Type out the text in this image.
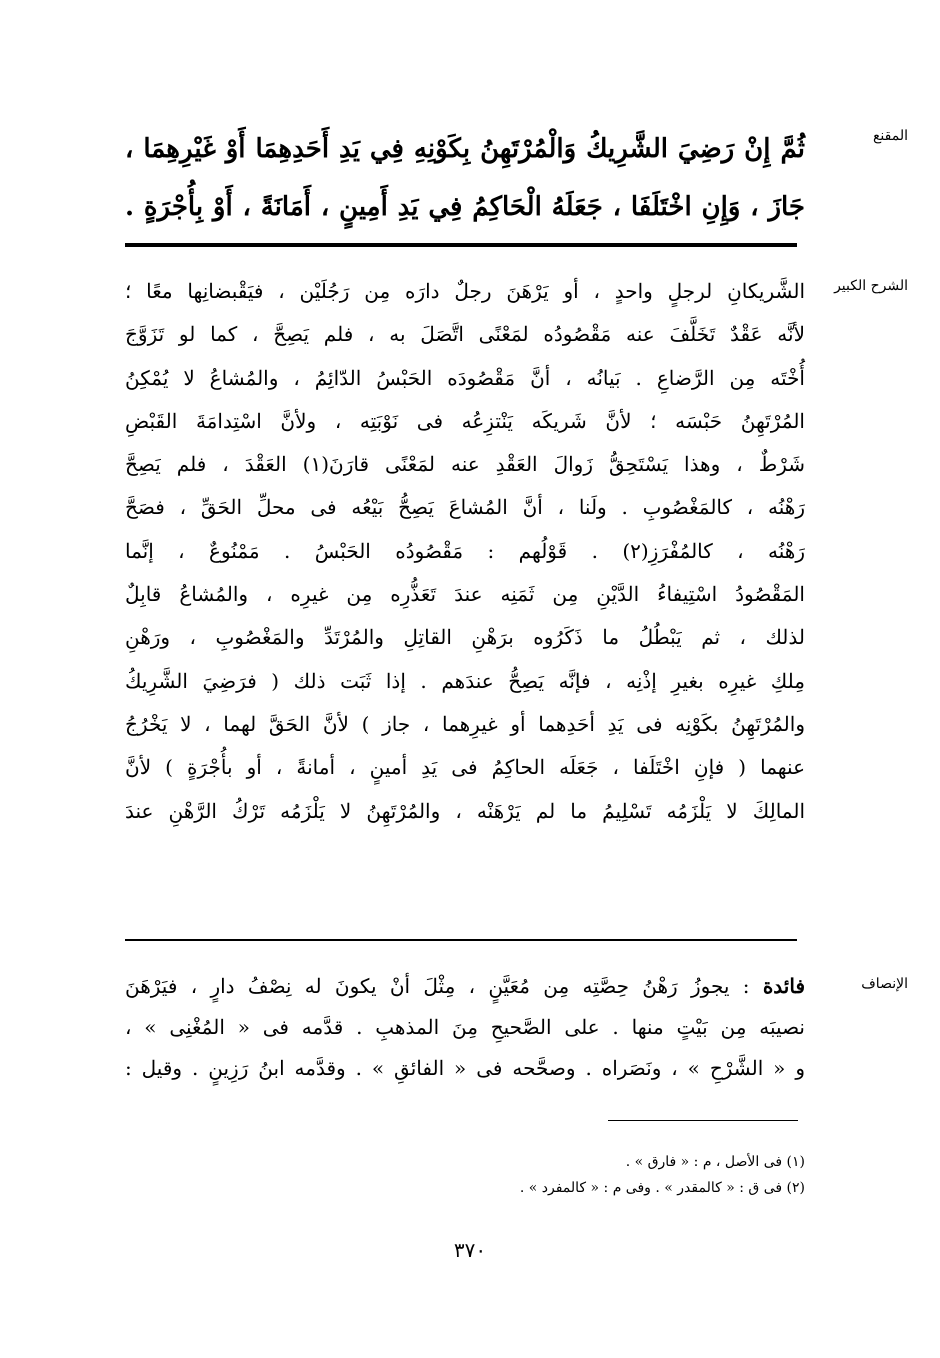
المقنع
ثُمَّ إِنْ رَضِيَ الشَّرِيكُ وَالْمُرْتَهِنُ بِكَوْنِهِ فِي يَدِ أَحَدِهِمَا أَوْ غَيْرِهِمَا ،
جَازَ ، وَإِنِ اخْتَلَفَا ، جَعَلَهُ الْحَاكِمُ فِي يَدِ أَمِينٍ ، أَمَانَةً ، أَوْ بِأُجْرَةٍ .
الشرح الكبير
الشَّريكانِ لرجلٍ واحدٍ ، أو يَرْهَنَ رجلٌ دارَه مِن رَجُلَيْن ، فيَقْبضانِها معًا ؛
لأنَّه عَقْدٌ تَخَلَّفَ عنه مَقْصُودُه لمَعْنًى اتَّصَلَ به ، فلم يَصِحَّ ، كما لو تَزَوَّجَ
أُخْتَه مِن الرَّضاعِ . بَيانُه ، أنَّ مَقْصُودَه الحَبْسُ الدّائِمُ ، والمُشاعُ لا يُمْكِنُ
المُرْتَهِنُ حَبْسَه ؛ لأنَّ شَريكَه يَنْتزِعُه فى نَوْبَتِه ، ولأنَّ اسْتِدامَةَ القَبْضِ
شَرْطٌ ، وهذا يَسْتَحِقُّ زَوالَ العَقْدِ عنه لمَعْنًى قارَنَ(١) العَقْدَ ، فلم يَصِحَّ
رَهْنُه ، كالمَغْصُوبِ . ولَنا ، أنَّ المُشاعَ يَصِحُّ بَيْعُه فى محلِّ الحَقِّ ، فصَحَّ
رَهْنُه ، كالمُفْرَزِ(٢) . قَوْلُهم : مَقْصُودُه الحَبْسُ . مَمْنُوعٌ ، إنَّما
المَقْصُودُ اسْتِيفاءُ الدَّيْنِ مِن ثَمَنِه عندَ تَعَذُّرِه مِن غيرِه ، والمُشاعُ قابِلٌ
لذلك ، ثم يَبْطُلُ ما ذَكَرُوه برَهْنِ القاتِلِ والمُرْتَدِّ والمَغْصُوبِ ، ورَهْنِ
مِلكِ غيرِه بغيرِ إذْنِه ، فإنَّه يَصِحُّ عندَهم . إذا ثَبَت ذلك ( فرَضِيَ الشَّرِيكُ
والمُرْتَهِنُ بكَوْنِه فى يَدِ أحَدِهما أو غيرِهما ، جاز ) لأنَّ الحَقَّ لهما ، لا يَخْرُجُ
عنهما ( فإنِ اخْتَلَفا ، جَعَلَه الحاكِمُ فى يَدِ أمينٍ ، أمانةً ، أو بأُجْرَةٍ ) لأنَّ
المالِكَ لا يَلْزَمُه تَسْلِيمُ ما لم يَرْهَنْه ، والمُرْتَهِنُ لا يَلْزَمُه تَرْكُ الرَّهْنِ عندَ
الإنصاف
فائدة : يجوزُ رَهْنُ حِصَّتِه مِن مُعَيَّنٍ ، مِثْلَ أنْ يكونَ له نِصْفُ دارٍ ، فيَرْهَنَ
نصيبَه مِن بَيْتٍ منها . على الصَّحيحِ مِنَ المذهبِ . قدَّمه فى « المُغْنِى » ،
و « الشَّرْحِ » ، ونَصَراه . وصحَّحه فى « الفائقِ » . وقدَّمه ابنُ رَزِينٍ . وقيل :
(١) فى الأصل ، م : « فارق » .
(٢) فى ق : « كالمقدر » . وفى م : « كالمفرد » .
٣٧٠
